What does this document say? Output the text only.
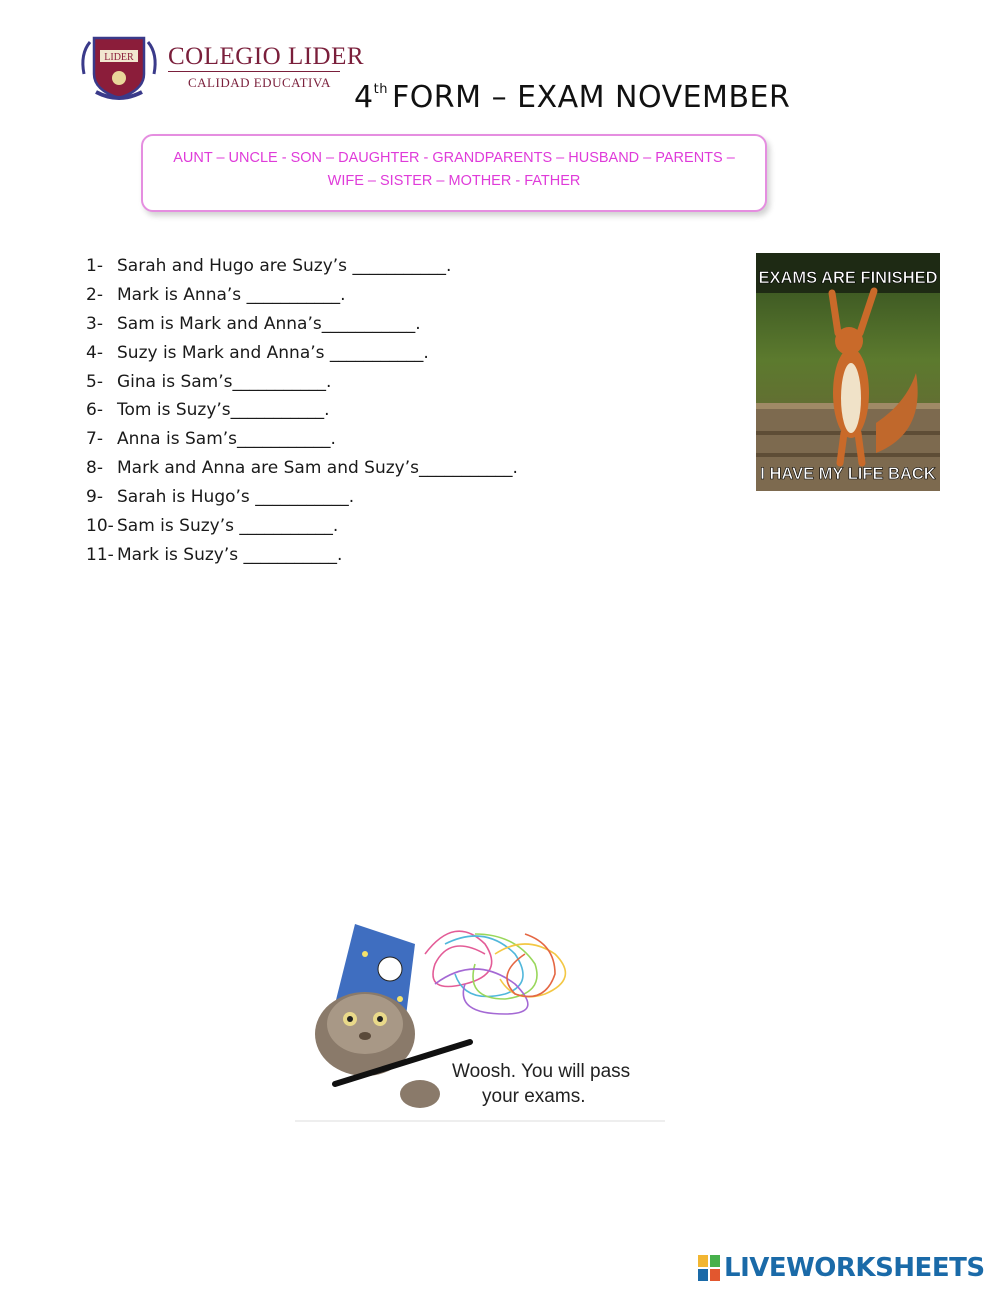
LIDER COLEGIO LIDER
CALIDAD EDUCATIVA 4th FORM – EXAM NOVEMBER
AUNT – UNCLE - SON – DAUGHTER - GRANDPARENTS – HUSBAND – PARENTS –
WIFE – SISTER – MOTHER - FATHER
1- Sarah and Hugo are Suzy’s ___________.
2- Mark is Anna’s ___________.
3- Sam is Mark and Anna’s___________.
4- Suzy is Mark and Anna’s ___________.
5- Gina is Sam’s___________.
6- Tom is Suzy’s___________.
7- Anna is Sam’s___________.
8- Mark and Anna are Sam and Suzy’s___________.
9- Sarah is Hugo’s ___________.
10- Sam is Suzy’s ___________.
11- Mark is Suzy’s ___________.
EXAMS ARE FINISHED
I HAVE MY LIFE BACK
Woosh. You will pass
your exams.
LIVEWORKSHEETS
